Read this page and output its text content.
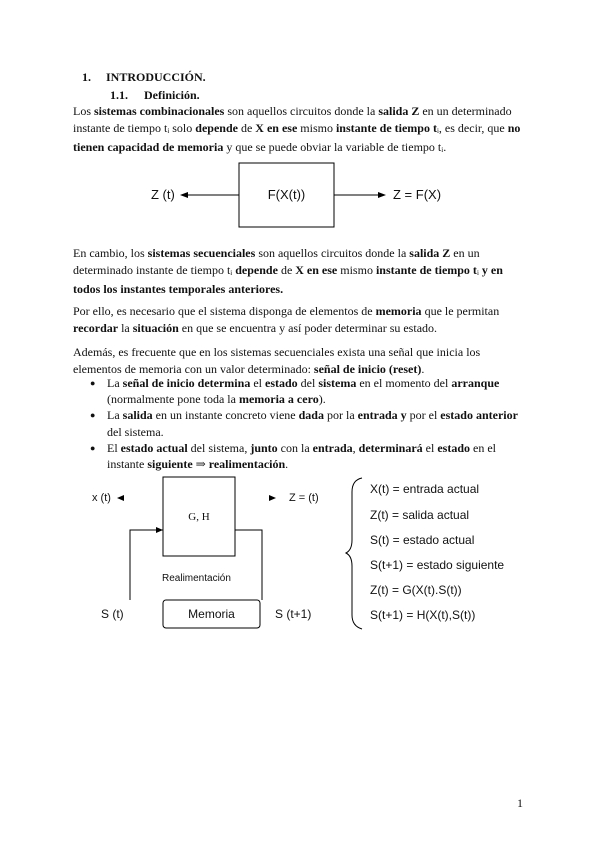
1. INTRODUCCIÓN.
1.1. Definición.
Los sistemas combinacionales son aquellos circuitos donde la salida Z en un determinado
instante de tiempo $t_i$ solo depende de X en ese mismo instante de tiempo $t_i$, es decir, que no
tienen capacidad de memoria y que se puede obviar la variable de tiempo $t_i$.
Z (t)	F(X(t))	Z = F(X)
En cambio, los sistemas secuenciales son aquellos circuitos donde la salida Z en un
determinado instante de tiempo $t_i$ depende de X en ese mismo instante de tiempo $t_i$ y en
todos los instantes temporales anteriores.
Por ello, es necesario que el sistema disponga de elementos de memoria que le permitan
recordar la situación en que se encuentra y así poder determinar su estado.
Además, es frecuente que en los sistemas secuenciales exista una señal que inicia los
elementos de memoria con un valor determinado: señal de inicio (reset).
● La señal de inicio determina el estado del sistema en el momento del arranque
(normalmente pone toda la memoria a cero).
● La salida en un instante concreto viene dada por la entrada y por el estado anterior
del sistema.
● El estado actual del sistema, junto con la entrada, determinará el estado en el
instante siguiente ⇒ realimentación.
x (t)	Z = (t)
G, H
Realimentación
Memoria
S (t)	S (t+1)
X(t) = entrada actual
Z(t) = salida actual
S(t) = estado actual
S(t+1) = estado siguiente
Z(t) = G(X(t).S(t))
S(t+1) = H(X(t),S(t))
1
